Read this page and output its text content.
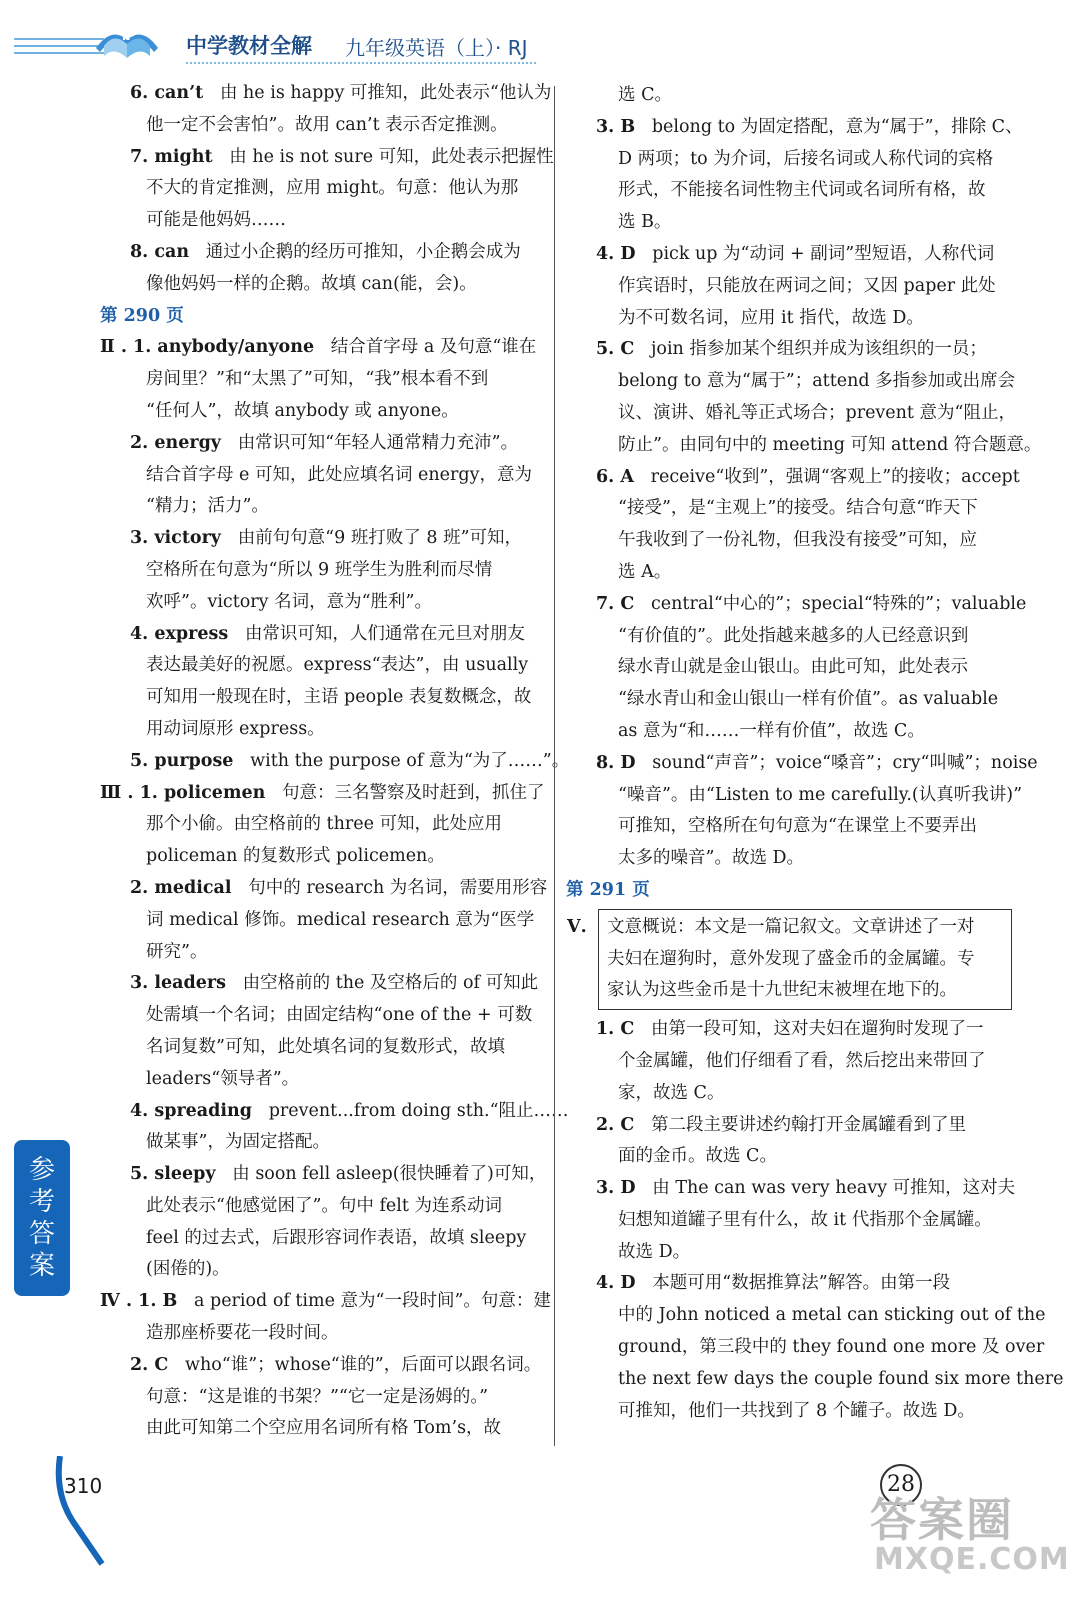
iP 中学教材全解 九年级英语（上）· RJ
6. can’t 由 he is happy 可推知，此处表示“他认为
他一定不会害怕”。故用 can’t 表示否定推测。
7. might 由 he is not sure 可知，此处表示把握性
不大的肯定推测，应用 might。句意：他认为那
可能是他妈妈……
8. can 通过小企鹅的经历可推知，小企鹅会成为
像他妈妈一样的企鹅。故填 can(能，会)。
第 290 页
Ⅱ . 1. anybody/anyone 结合首字母 a 及句意“谁在
房间里？”和“太黑了”可知，“我”根本看不到
“任何人”，故填 anybody 或 anyone。
2. energy 由常识可知“年轻人通常精力充沛”。
结合首字母 e 可知，此处应填名词 energy，意为
“精力；活力”。
3. victory 由前句句意“9 班打败了 8 班”可知，
空格所在句意为“所以 9 班学生为胜利而尽情
欢呼”。victory 名词，意为“胜利”。
4. express 由常识可知，人们通常在元旦对朋友
表达最美好的祝愿。express“表达”，由 usually
可知用一般现在时，主语 people 表复数概念，故
用动词原形 express。
5. purpose with the purpose of 意为“为了……”。
Ⅲ . 1. policemen 句意：三名警察及时赶到，抓住了
那个小偷。由空格前的 three 可知，此处应用
policeman 的复数形式 policemen。
2. medical 句中的 research 为名词，需要用形容
词 medical 修饰。medical research 意为“医学
研究”。
3. leaders 由空格前的 the 及空格后的 of 可知此
处需填一个名词；由固定结构“one of the + 可数
名词复数”可知，此处填名词的复数形式，故填
leaders“领导者”。
4. spreading prevent...from doing sth.“阻止……
做某事”，为固定搭配。
5. sleepy 由 soon fell asleep(很快睡着了)可知，
此处表示“他感觉困了”。句中 felt 为连系动词
feel 的过去式，后跟形容词作表语，故填 sleepy
(困倦的)。
Ⅳ . 1. B a period of time 意为“一段时间”。句意：建
造那座桥要花一段时间。
2. C who“谁”；whose“谁的”，后面可以跟名词。
句意：“这是谁的书架？”“它一定是汤姆的。”
由此可知第二个空应用名词所有格 Tom’s，故
选 C。
3. B belong to 为固定搭配，意为“属于”，排除 C、
D 两项；to 为介词，后接名词或人称代词的宾格
形式，不能接名词性物主代词或名词所有格，故
选 B。
4. D pick up 为“动词 + 副词”型短语，人称代词
作宾语时，只能放在两词之间；又因 paper 此处
为不可数名词，应用 it 指代，故选 D。
5. C join 指参加某个组织并成为该组织的一员；
belong to 意为“属于”；attend 多指参加或出席会
议、演讲、婚礼等正式场合；prevent 意为“阻止，
防止”。由同句中的 meeting 可知 attend 符合题意。
6. A receive“收到”，强调“客观上”的接收；accept
“接受”，是“主观上”的接受。结合句意“昨天下
午我收到了一份礼物，但我没有接受”可知，应
选 A。
7. C central“中心的”；special“特殊的”；valuable
“有价值的”。此处指越来越多的人已经意识到
绿水青山就是金山银山。由此可知，此处表示
“绿水青山和金山银山一样有价值”。as valuable
as 意为“和……一样有价值”，故选 C。
8. D sound“声音”；voice“嗓音”；cry“叫喊”；noise
“噪音”。由“Listen to me carefully.(认真听我讲)”
可推知，空格所在句句意为“在课堂上不要弄出
太多的噪音”。故选 D。
第 291 页
Ⅴ. 文意概说：本文是一篇记叙文。文章讲述了一对
夫妇在遛狗时，意外发现了盛金币的金属罐。专
家认为这些金币是十九世纪末被埋在地下的。
1. C 由第一段可知，这对夫妇在遛狗时发现了一
个金属罐，他们仔细看了看，然后挖出来带回了
家，故选 C。
2. C 第二段主要讲述约翰打开金属罐看到了里
面的金币。故选 C。
3. D 由 The can was very heavy 可推知，这对夫
妇想知道罐子里有什么，故 it 代指那个金属罐。
故选 D。
4. D 本题可用“数据推算法”解答。由第一段
中的 John noticed a metal can sticking out of the
ground，第三段中的 they found one more 及 over
the next few days the couple found six more there
可推知，他们一共找到了 8 个罐子。故选 D。
参
考
答
案
310	28
答案圈
MXQE.COM
